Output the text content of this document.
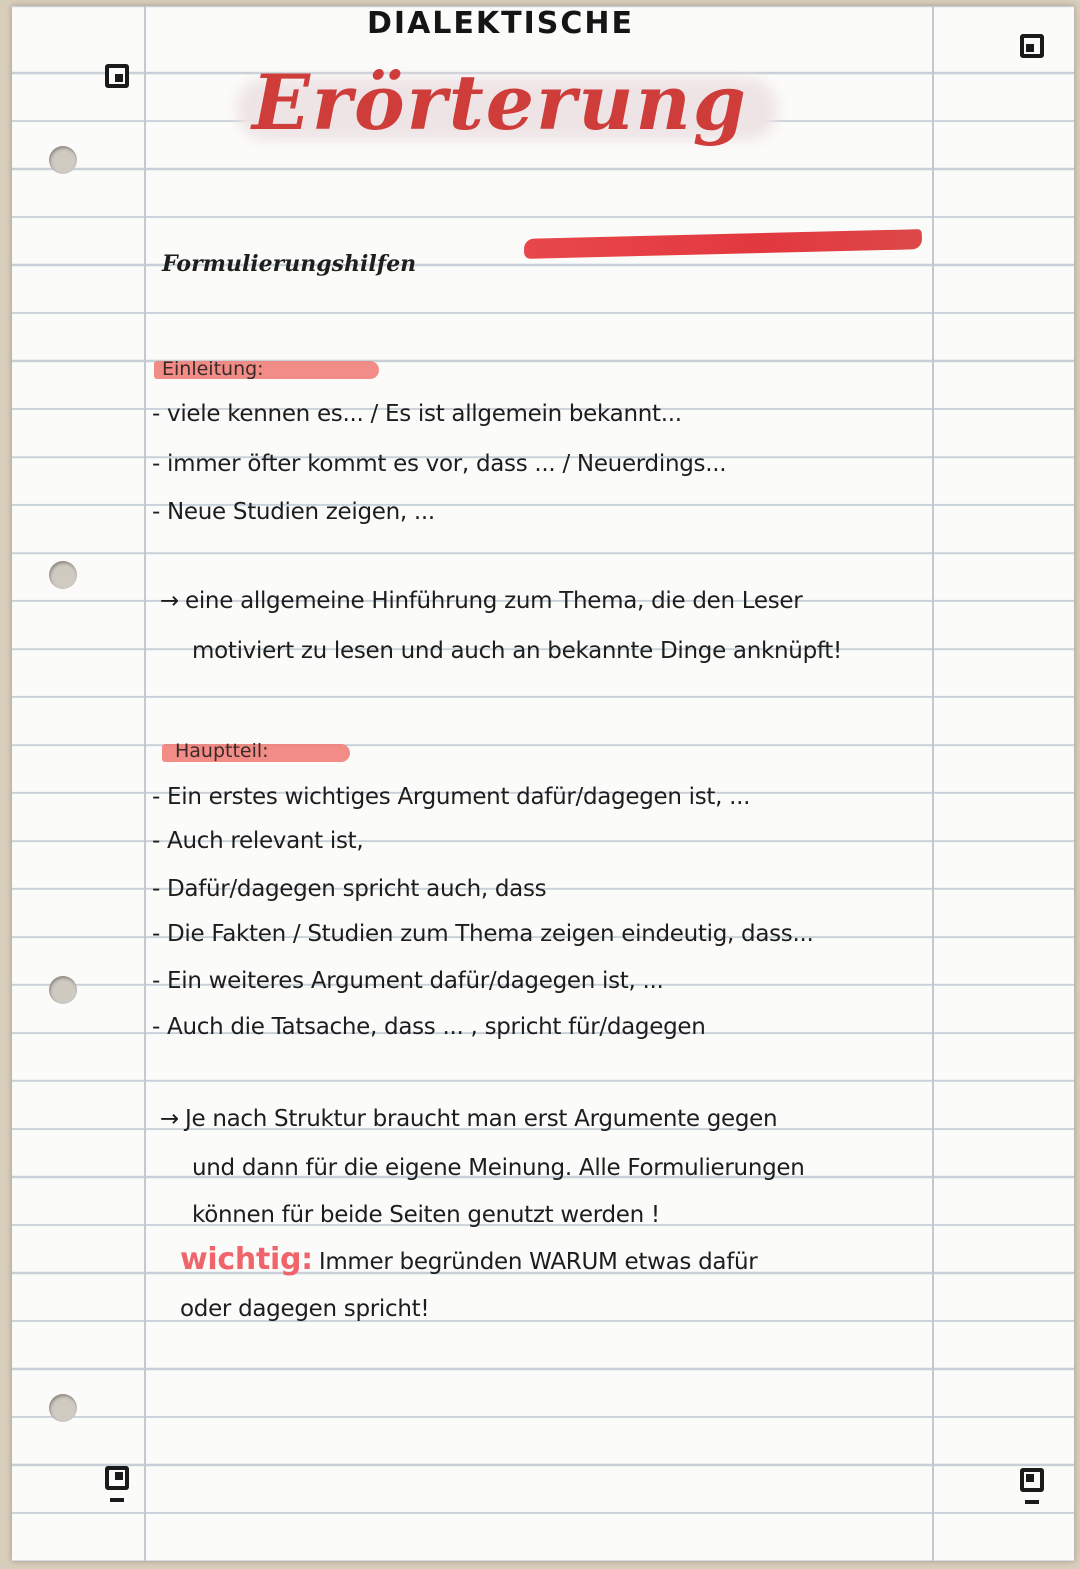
DIALEKTISCHE
Erörterung
Formulierungshilfen
Einleitung:
- viele kennen es... / Es ist allgemein bekannt...
- immer öfter kommt es vor, dass ... / Neuerdings...
- Neue Studien zeigen, ...
→ eine allgemeine Hinführung zum Thema, die den Leser
motiviert zu lesen und auch an bekannte Dinge anknüpft!
Hauptteil:
- Ein erstes wichtiges Argument dafür/dagegen ist, ...
- Auch relevant ist,
- Dafür/dagegen spricht auch, dass
- Die Fakten / Studien zum Thema zeigen eindeutig, dass...
- Ein weiteres Argument dafür/dagegen ist, ...
- Auch die Tatsache, dass ... , spricht für/dagegen
→ Je nach Struktur braucht man erst Argumente gegen
und dann für die eigene Meinung. Alle Formulierungen
können für beide Seiten genutzt werden !
wichtig: Immer begründen WARUM etwas dafür
oder dagegen spricht!
